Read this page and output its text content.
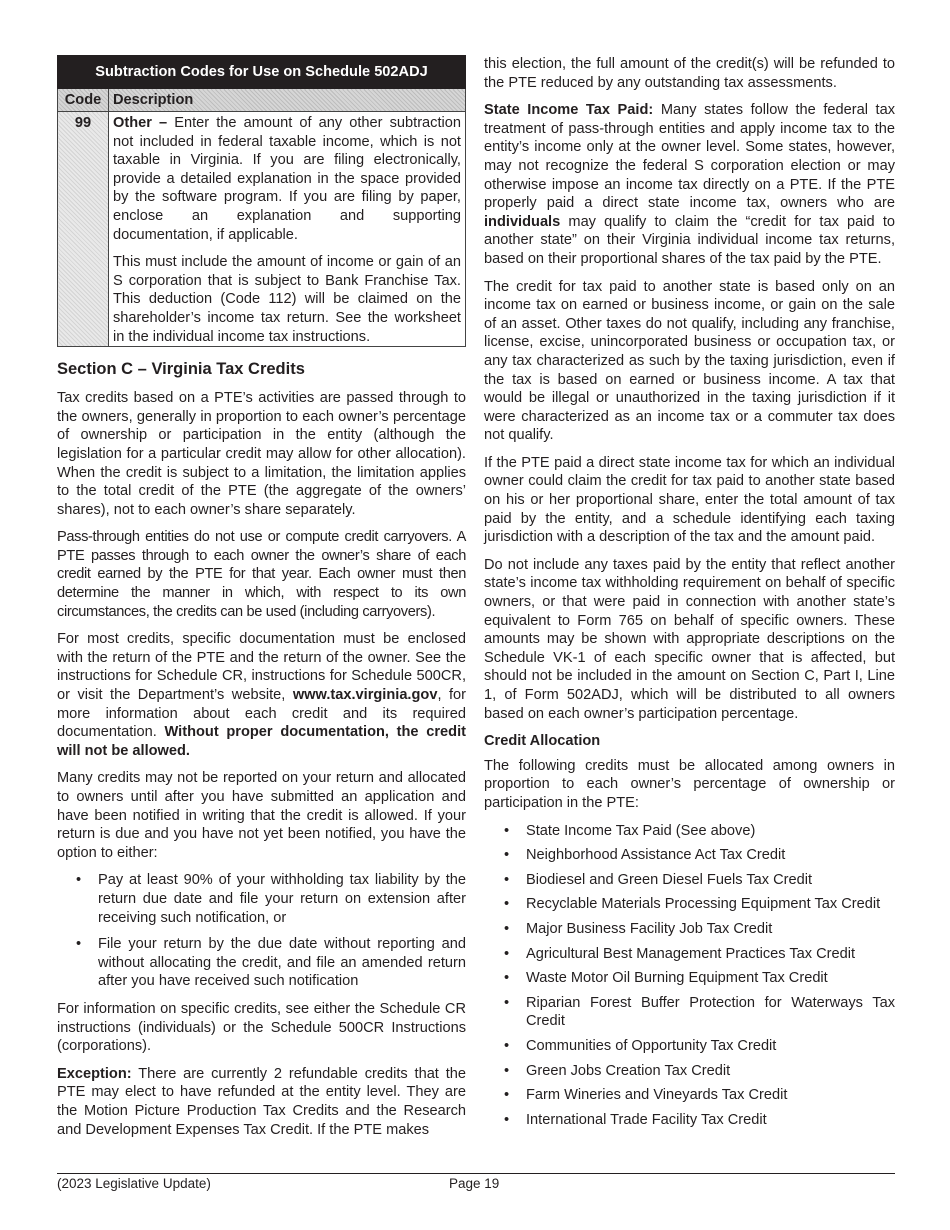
Subtraction Codes for Use on Schedule 502ADJ	
Code	Description
99	Other – Enter the amount of any other subtraction not included in federal taxable income, which is not taxable in Virginia. If you are filing electronically, provide a detailed explanation in the space provided by the software program. If you are filing by paper, enclose an explanation and supporting documentation, if applicable.

This must include the amount of income or gain of an S corporation that is subject to Bank Franchise Tax. This deduction (Code 112) will be claimed on the shareholder’s income tax return. See the worksheet in the individual income tax instructions.

Section C – Virginia Tax Credits

Tax credits based on a PTE’s activities are passed through to the owners, generally in proportion to each owner’s percentage of ownership or participation in the entity (although the legislation for a particular credit may allow for other allocation). When the credit is subject to a limitation, the limitation applies to the total credit of the PTE (the aggregate of the owners’ shares), not to each owner’s share separately.

Pass-through entities do not use or compute credit carryovers. A PTE passes through to each owner the owner’s share of each credit earned by the PTE for that year. Each owner must then determine the manner in which, with respect to its own circumstances, the credits can be used (including carryovers).

For most credits, specific documentation must be enclosed with the return of the PTE and the return of the owner. See the instructions for Schedule CR, instructions for Schedule 500CR, or visit the Department’s website, www.tax.virginia.gov, for more information about each credit and its required documentation. Without proper documentation, the credit will not be allowed.

Many credits may not be reported on your return and allocated to owners until after you have submitted an application and have been notified in writing that the credit is allowed. If your return is due and you have not yet been notified, you have the option to either:

• Pay at least 90% of your withholding tax liability by the return due date and file your return on extension after receiving such notification, or
• File your return by the due date without reporting and without allocating the credit, and file an amended return after you have received such notification

For information on specific credits, see either the Schedule CR instructions (individuals) or the Schedule 500CR Instructions (corporations).

Exception: There are currently 2 refundable credits that the PTE may elect to have refunded at the entity level. They are the Motion Picture Production Tax Credits and the Research and Development Expenses Tax Credit. If the PTE makes

this election, the full amount of the credit(s) will be refunded to the PTE reduced by any outstanding tax assessments.

State Income Tax Paid: Many states follow the federal tax treatment of pass-through entities and apply income tax to the entity’s income only at the owner level. Some states, however, may not recognize the federal S corporation election or may otherwise impose an income tax directly on a PTE. If the PTE properly paid a direct state income tax, owners who are individuals may qualify to claim the “credit for tax paid to another state” on their Virginia individual income tax returns, based on their proportional shares of the tax paid by the PTE.

The credit for tax paid to another state is based only on an income tax on earned or business income, or gain on the sale of an asset. Other taxes do not qualify, including any franchise, license, excise, unincorporated business or occupation tax, or any tax characterized as such by the taxing jurisdiction, even if the tax is based on earned or business income. A tax that would be illegal or unauthorized in the taxing jurisdiction if it were characterized as an income tax or a commuter tax does not qualify.

If the PTE paid a direct state income tax for which an individual owner could claim the credit for tax paid to another state based on his or her proportional share, enter the total amount of tax paid by the entity, and a schedule identifying each taxing jurisdiction with a description of the tax and the amount paid.

Do not include any taxes paid by the entity that reflect another state’s income tax withholding requirement on behalf of specific owners, or that were paid in connection with another state’s equivalent to Form 765 on behalf of specific owners. These amounts may be shown with appropriate descriptions on the Schedule VK-1 of each specific owner that is affected, but should not be included in the amount on Section C, Part I, Line 1, of Form 502ADJ, which will be distributed to all owners based on each owner’s participation percentage.

Credit Allocation

The following credits must be allocated among owners in proportion to each owner’s percentage of ownership or participation in the PTE:

• State Income Tax Paid (See above)
• Neighborhood Assistance Act Tax Credit
• Biodiesel and Green Diesel Fuels Tax Credit
• Recyclable Materials Processing Equipment Tax Credit
• Major Business Facility Job Tax Credit
• Agricultural Best Management Practices Tax Credit
• Waste Motor Oil Burning Equipment Tax Credit
• Riparian Forest Buffer Protection for Waterways Tax Credit
• Communities of Opportunity Tax Credit
• Green Jobs Creation Tax Credit
• Farm Wineries and Vineyards Tax Credit
• International Trade Facility Tax Credit
(2023 Legislative Update)	Page 19
